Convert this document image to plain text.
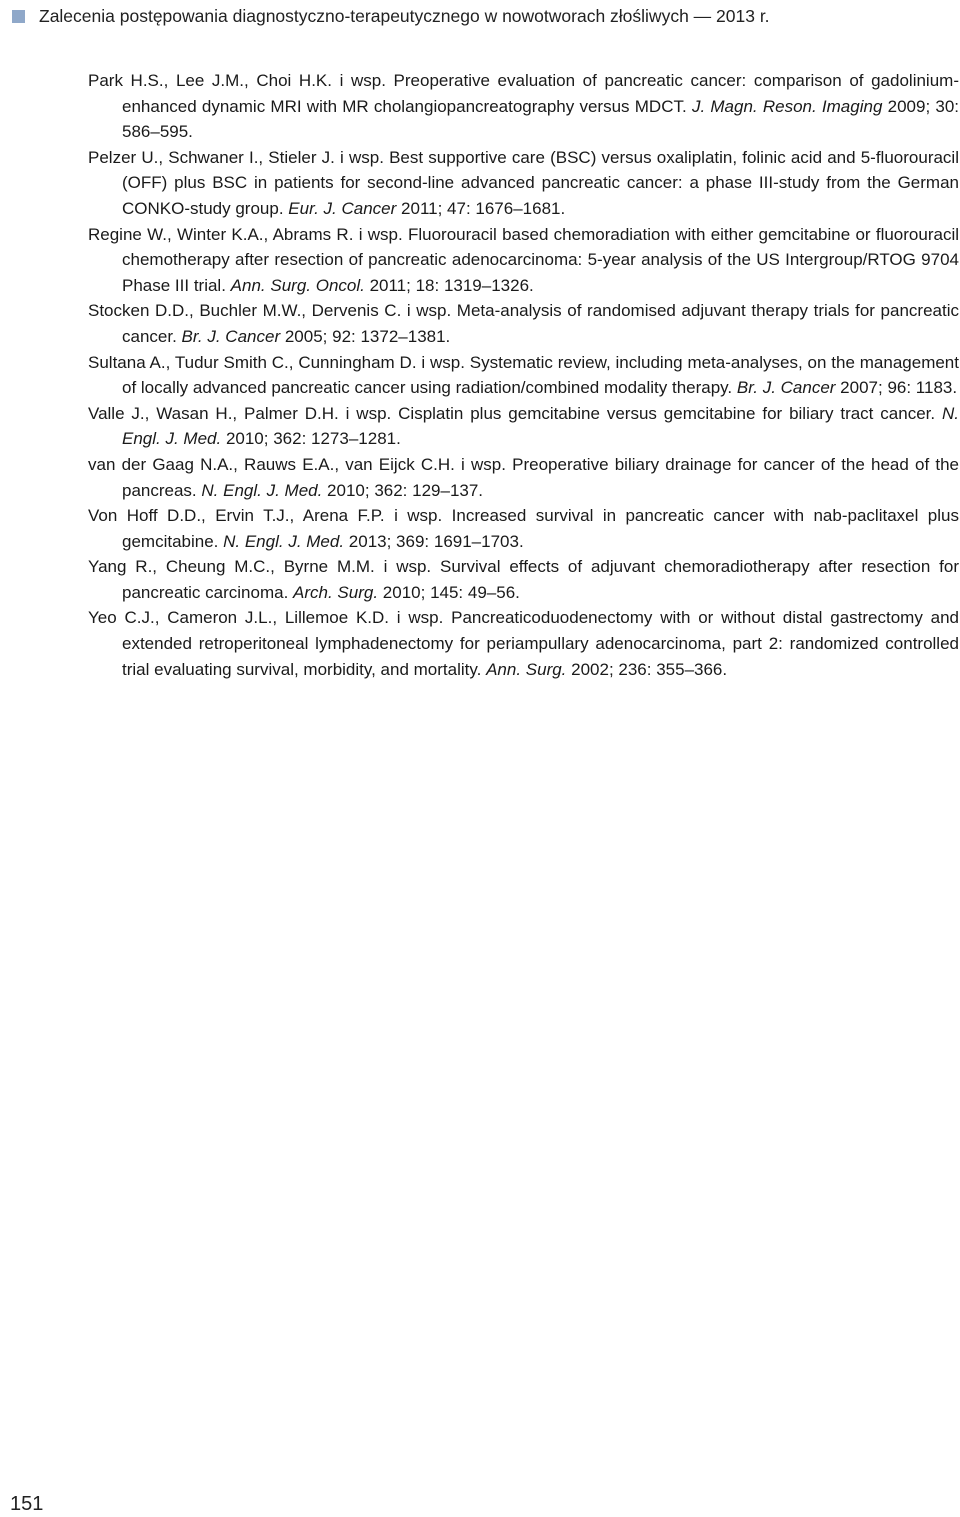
Zalecenia postępowania diagnostyczno-terapeutycznego w nowotworach złośliwych — 2013 r.
Park H.S., Lee J.M., Choi H.K. i wsp. Preoperative evaluation of pancreatic cancer: comparison of gadolinium-enhanced dynamic MRI with MR cholangiopancreatography versus MDCT. J. Magn. Reson. Imaging 2009; 30: 586–595.
Pelzer U., Schwaner I., Stieler J. i wsp. Best supportive care (BSC) versus oxaliplatin, folinic acid and 5-fluorouracil (OFF) plus BSC in patients for second-line advanced pancreatic cancer: a phase III-study from the German CONKO-study group. Eur. J. Cancer 2011; 47: 1676–1681.
Regine W., Winter K.A., Abrams R. i wsp. Fluorouracil based chemoradiation with either gemcitabine or fluorouracil chemotherapy after resection of pancreatic adenocarcinoma: 5-year analysis of the US Intergroup/RTOG 9704 Phase III trial. Ann. Surg. Oncol. 2011; 18: 1319–1326.
Stocken D.D., Buchler M.W., Dervenis C. i wsp. Meta-analysis of randomised adjuvant therapy trials for pancreatic cancer. Br. J. Cancer 2005; 92: 1372–1381.
Sultana A., Tudur Smith C., Cunningham D. i wsp. Systematic review, including meta-analyses, on the management of locally advanced pancreatic cancer using radiation/combined modality therapy. Br. J. Cancer 2007; 96: 1183.
Valle J., Wasan H., Palmer D.H. i wsp. Cisplatin plus gemcitabine versus gemcitabine for biliary tract cancer. N. Engl. J. Med. 2010; 362: 1273–1281.
van der Gaag N.A., Rauws E.A., van Eijck C.H. i wsp. Preoperative biliary drainage for cancer of the head of the pancreas. N. Engl. J. Med. 2010; 362: 129–137.
Von Hoff D.D., Ervin T.J., Arena F.P. i wsp. Increased survival in pancreatic cancer with nab-paclitaxel plus gemcitabine. N. Engl. J. Med. 2013; 369: 1691–1703.
Yang R., Cheung M.C., Byrne M.M. i wsp. Survival effects of adjuvant chemoradiotherapy after resection for pancreatic carcinoma. Arch. Surg. 2010; 145: 49–56.
Yeo C.J., Cameron J.L., Lillemoe K.D. i wsp. Pancreaticoduodenectomy with or without distal gastrectomy and extended retroperitoneal lymphadenectomy for periampullary adenocarcinoma, part 2: randomized controlled trial evaluating survival, morbidity, and mortality. Ann. Surg. 2002; 236: 355–366.
151
